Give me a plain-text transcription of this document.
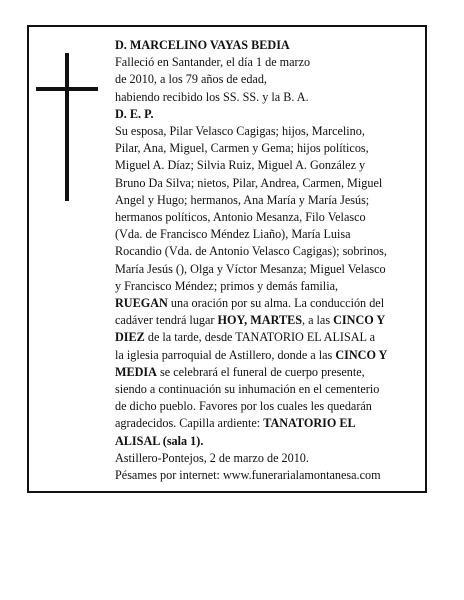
D. MARCELINO VAYAS BEDIA
Falleció en Santander, el día 1 de marzo
de 2010, a los 79 años de edad,
habiendo recibido los SS. SS. y la B. A.
D. E. P.
Su esposa, Pilar Velasco Cagigas; hijos, Marcelino,
Pilar, Ana, Miguel, Carmen y Gema; hijos políticos,
Miguel A. Díaz; Silvia Ruiz, Miguel A. González y
Bruno Da Silva; nietos, Pilar, Andrea, Carmen, Miguel
Angel y Hugo; hermanos, Ana María y María Jesús;
hermanos políticos, Antonio Mesanza, Filo Velasco
(Vda. de Francisco Méndez Liaño), María Luisa
Rocandio (Vda. de Antonio Velasco Cagigas); sobrinos,
María Jesús (), Olga y Víctor Mesanza; Miguel Velasco
y Francisco Méndez; primos y demás familia,
RUEGAN una oración por su alma. La conducción del
cadáver tendrá lugar HOY, MARTES, a las CINCO Y
DIEZ de la tarde, desde TANATORIO EL ALISAL a
la iglesia parroquial de Astillero, donde a las CINCO Y
MEDIA se celebrará el funeral de cuerpo presente,
siendo a continuación su inhumación en el cementerio
de dicho pueblo. Favores por los cuales les quedarán
agradecidos. Capilla ardiente: TANATORIO EL
ALISAL (sala 1).
Astillero-Pontejos, 2 de marzo de 2010.
Pésames por internet: www.funerarialamontanesa.com
